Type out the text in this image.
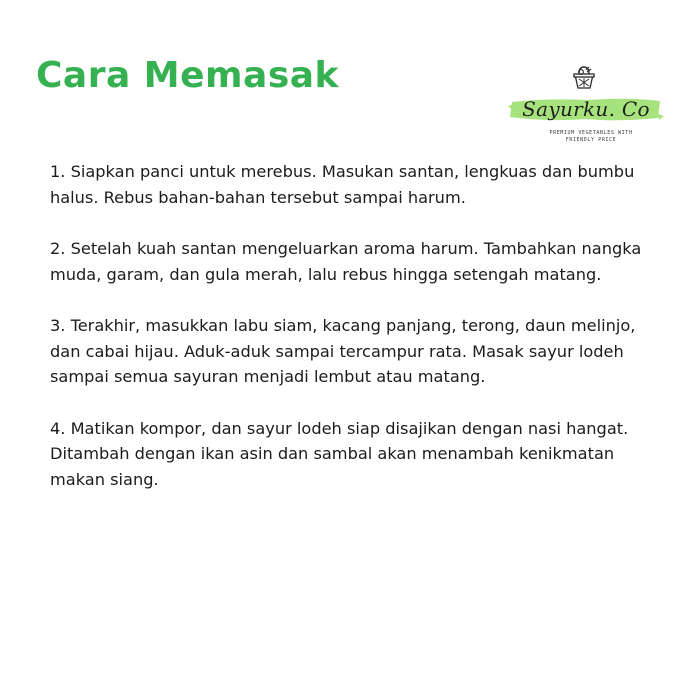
Cara Memasak
Sayurku. Co
PREMIUM VEGETABLES WITH
FRIENDLY PRICE
1. Siapkan panci untuk merebus. Masukan santan, lengkuas dan bumbu halus. Rebus bahan-bahan tersebut sampai harum.
2. Setelah kuah santan mengeluarkan aroma harum. Tambahkan nangka muda, garam, dan gula merah, lalu rebus hingga setengah matang.
3. Terakhir, masukkan labu siam, kacang panjang, terong, daun melinjo, dan cabai hijau. Aduk-aduk sampai tercampur rata. Masak sayur lodeh sampai semua sayuran menjadi lembut atau matang.
4. Matikan kompor, dan sayur lodeh siap disajikan dengan nasi hangat. Ditambah dengan ikan asin dan sambal akan menambah kenikmatan makan siang.
